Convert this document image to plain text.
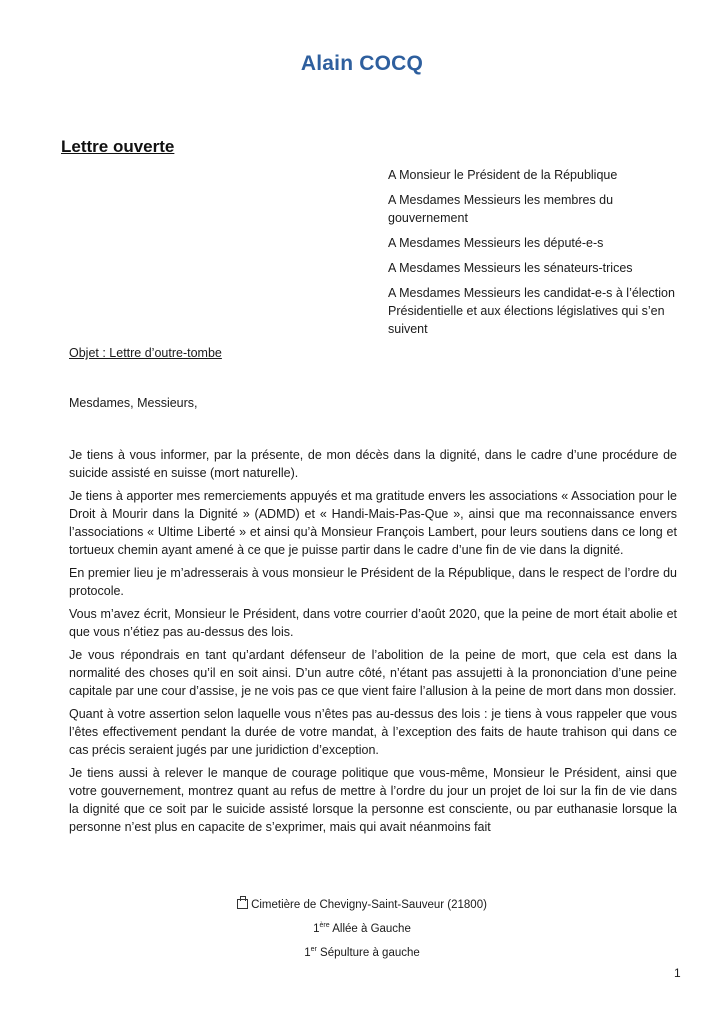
Alain COCQ
Lettre ouverte

A Monsieur le Président de la République

A Mesdames Messieurs les membres du gouvernement

A Mesdames Messieurs les député-e-s

A Mesdames Messieurs les sénateurs-trices

A Mesdames Messieurs les candidat-e-s à l’élection Présidentielle et aux élections législatives qui s’en suivent

Objet : Lettre d’outre-tombe
Mesdames, Messieurs,

Je tiens à vous informer, par la présente, de mon décès dans la dignité, dans le cadre d’une procédure de suicide assisté en suisse (mort naturelle).

Je tiens à apporter mes remerciements appuyés et ma gratitude envers les associations « Association pour le Droit à Mourir dans la Dignité » (ADMD) et « Handi-Mais-Pas-Que », ainsi que ma reconnaissance envers l’associations « Ultime Liberté » et ainsi qu’à Monsieur François Lambert, pour leurs soutiens dans ce long et tortueux chemin ayant amené à ce que je puisse partir dans le cadre d’une fin de vie dans la dignité.

En premier lieu je m’adresserais à vous monsieur le Président de la République, dans le respect de l’ordre du protocole.

Vous m’avez écrit, Monsieur le Président, dans votre courrier d’août 2020, que la peine de mort était abolie et que vous n’étiez pas au-dessus des lois.

Je vous répondrais en tant qu’ardant défenseur de l’abolition de la peine de mort, que cela est dans la normalité des choses qu’il en soit ainsi. D’un autre côté, n’étant pas assujetti à la prononciation d’une peine capitale par une cour d’assise, je ne vois pas ce que vient faire l’allusion à la peine de mort dans mon dossier.

Quant à votre assertion selon laquelle vous n’êtes pas au-dessus des lois : je tiens à vous rappeler que vous l’êtes effectivement pendant la durée de votre mandat, à l’exception des faits de haute trahison qui dans ce cas précis seraient jugés par une juridiction d’exception.

Je tiens aussi à relever le manque de courage politique que vous-même, Monsieur le Président, ainsi que votre gouvernement, montrez quant au refus de mettre à l’ordre du jour un projet de loi sur la fin de vie dans la dignité que ce soit par le suicide assisté lorsque la personne est consciente, ou par euthanasie lorsque la personne n’est plus en capacite de s’exprimer, mais qui avait néanmoins fait

Cimetière de Chevigny-Saint-Sauveur (21800)
1ère Allée à Gauche
1er Sépulture à gauche
1
